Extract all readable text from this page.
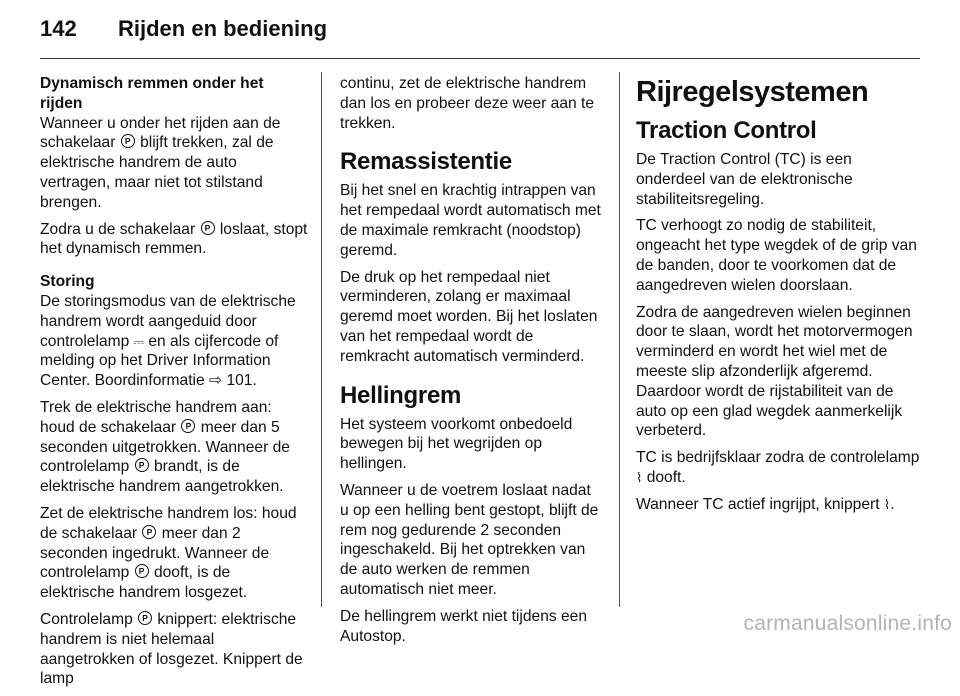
142 Rijden en bediening

Dynamisch remmen onder het rijden

Wanneer u onder het rijden aan de schakelaar P blijft trekken, zal de elektrische handrem de auto vertragen, maar niet tot stilstand brengen.

Zodra u de schakelaar P loslaat, stopt het dynamisch remmen.

Storing

De storingsmodus van de elektrische handrem wordt aangeduid door controlelamp ⎓ en als cijfercode of melding op het Driver Information Center. Boordinformatie ⇨ 101.

Trek de elektrische handrem aan: houd de schakelaar P meer dan 5 seconden uitgetrokken. Wanneer de controlelamp P brandt, is de elektrische handrem aangetrokken.

Zet de elektrische handrem los: houd de schakelaar P meer dan 2 seconden ingedrukt. Wanneer de controlelamp P dooft, is de elektrische handrem losgezet.

Controlelamp P knippert: elektrische handrem is niet helemaal aangetrokken of losgezet. Knippert de lamp

continu, zet de elektrische handrem dan los en probeer deze weer aan te trekken.

Remassistentie

Bij het snel en krachtig intrappen van het rempedaal wordt automatisch met de maximale remkracht (noodstop) geremd.

De druk op het rempedaal niet verminderen, zolang er maximaal geremd moet worden. Bij het loslaten van het rempedaal wordt de remkracht automatisch verminderd.

Hellingrem

Het systeem voorkomt onbedoeld bewegen bij het wegrijden op hellingen.

Wanneer u de voetrem loslaat nadat u op een helling bent gestopt, blijft de rem nog gedurende 2 seconden ingeschakeld. Bij het optrekken van de auto werken de remmen automatisch niet meer.

De hellingrem werkt niet tijdens een Autostop.

Rijregelsystemen
Traction Control

De Traction Control (TC) is een onderdeel van de elektronische stabiliteitsregeling.

TC verhoogt zo nodig de stabiliteit, ongeacht het type wegdek of de grip van de banden, door te voorkomen dat de aangedreven wielen doorslaan.

Zodra de aangedreven wielen beginnen door te slaan, wordt het motorvermogen verminderd en wordt het wiel met de meeste slip afzonderlijk afgeremd. Daardoor wordt de rijstabiliteit van de auto op een glad wegdek aanmerkelijk verbeterd.

TC is bedrijfsklaar zodra de controlelamp ⌇ dooft.

Wanneer TC actief ingrijpt, knippert ⌇.

carmanualsonline.info
